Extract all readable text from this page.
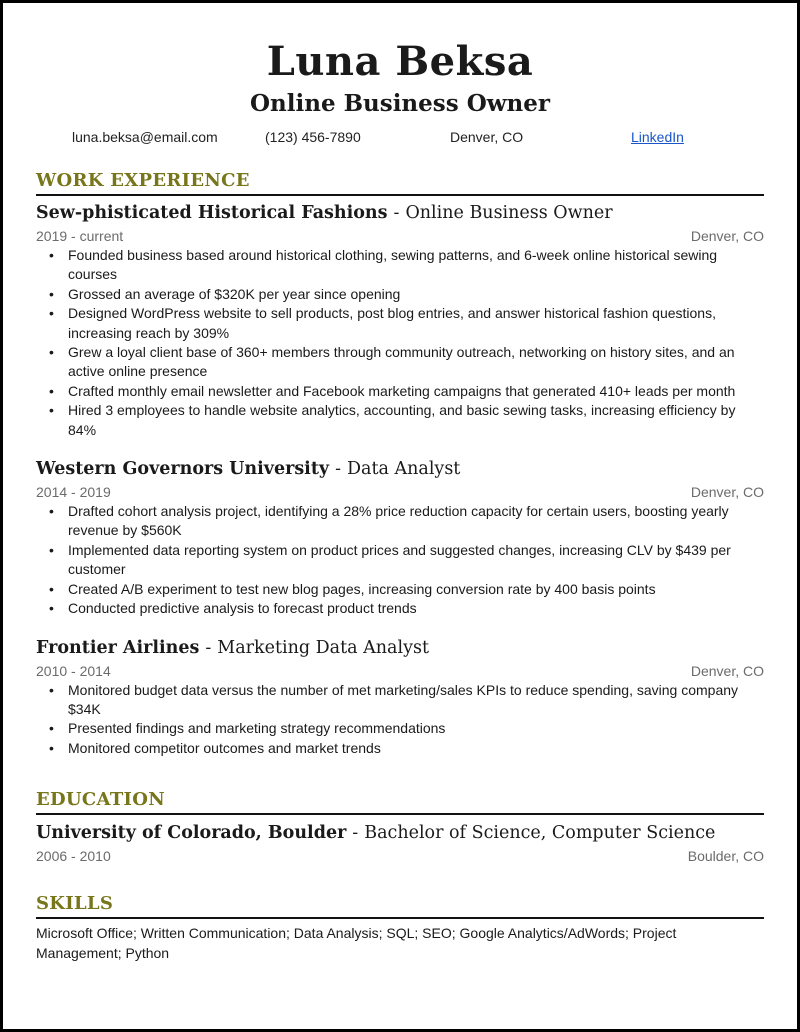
Luna Beksa
Online Business Owner
luna.beksa@email.com	(123) 456-7890	Denver, CO	LinkedIn
WORK EXPERIENCE
Sew-phisticated Historical Fashions - Online Business Owner
2019 - current	Denver, CO
• Founded business based around historical clothing, sewing patterns, and 6-week online historical sewing courses
• Grossed an average of $320K per year since opening
• Designed WordPress website to sell products, post blog entries, and answer historical fashion questions, increasing reach by 309%
• Grew a loyal client base of 360+ members through community outreach, networking on history sites, and an active online presence
• Crafted monthly email newsletter and Facebook marketing campaigns that generated 410+ leads per month
• Hired 3 employees to handle website analytics, accounting, and basic sewing tasks, increasing efficiency by 84%
Western Governors University - Data Analyst
2014 - 2019	Denver, CO
• Drafted cohort analysis project, identifying a 28% price reduction capacity for certain users, boosting yearly revenue by $560K
• Implemented data reporting system on product prices and suggested changes, increasing CLV by $439 per customer
• Created A/B experiment to test new blog pages, increasing conversion rate by 400 basis points
• Conducted predictive analysis to forecast product trends
Frontier Airlines - Marketing Data Analyst
2010 - 2014	Denver, CO
• Monitored budget data versus the number of met marketing/sales KPIs to reduce spending, saving company $34K
• Presented findings and marketing strategy recommendations
• Monitored competitor outcomes and market trends
EDUCATION
University of Colorado, Boulder - Bachelor of Science, Computer Science
2006 - 2010	Boulder, CO
SKILLS
Microsoft Office; Written Communication; Data Analysis; SQL; SEO; Google Analytics/AdWords; Project Management; Python
